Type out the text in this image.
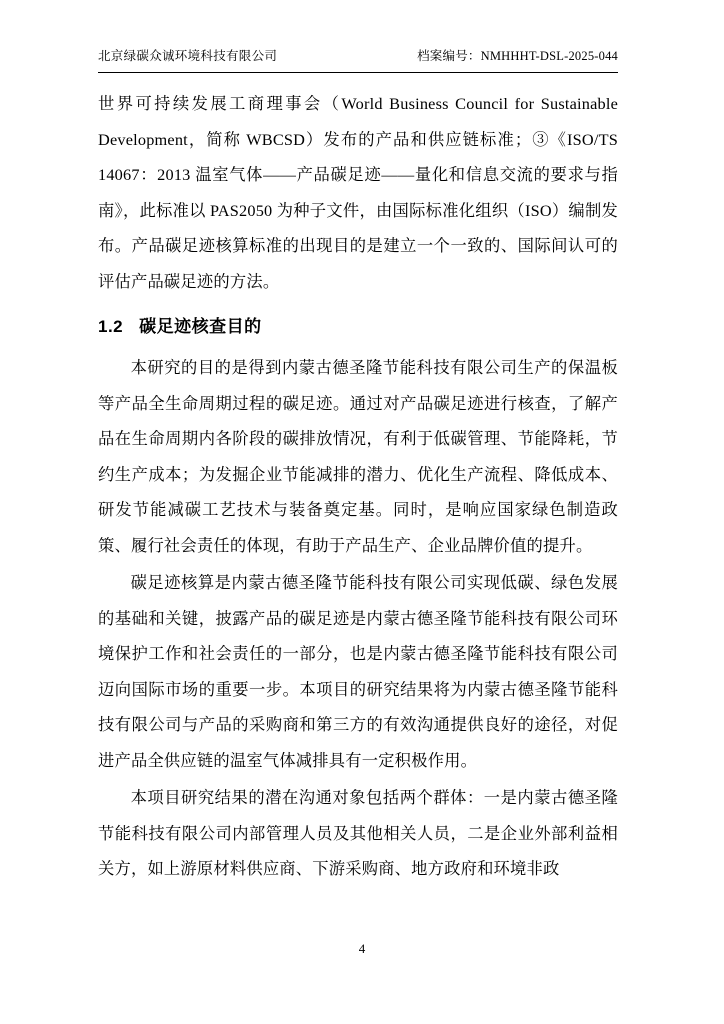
北京绿碳众诚环境科技有限公司	档案编号：NMHHHT-DSL-2025-044

世界可持续发展工商理事会（World Business Council for Sustainable Development，简称 WBCSD）发布的产品和供应链标准；③《ISO/TS 14067：2013 温室气体——产品碳足迹——量化和信息交流的要求与指南》，此标准以 PAS2050 为种子文件，由国际标准化组织（ISO）编制发布。产品碳足迹核算标准的出现目的是建立一个一致的、国际间认可的评估产品碳足迹的方法。

1.2 碳足迹核查目的

本研究的目的是得到内蒙古德圣隆节能科技有限公司生产的保温板等产品全生命周期过程的碳足迹。通过对产品碳足迹进行核查，了解产品在生命周期内各阶段的碳排放情况，有利于低碳管理、节能降耗，节约生产成本；为发掘企业节能减排的潜力、优化生产流程、降低成本、研发节能减碳工艺技术与装备奠定基。同时，是响应国家绿色制造政策、履行社会责任的体现，有助于产品生产、企业品牌价值的提升。

碳足迹核算是内蒙古德圣隆节能科技有限公司实现低碳、绿色发展的基础和关键，披露产品的碳足迹是内蒙古德圣隆节能科技有限公司环境保护工作和社会责任的一部分，也是内蒙古德圣隆节能科技有限公司迈向国际市场的重要一步。本项目的研究结果将为内蒙古德圣隆节能科技有限公司与产品的采购商和第三方的有效沟通提供良好的途径，对促进产品全供应链的温室气体减排具有一定积极作用。

本项目研究结果的潜在沟通对象包括两个群体：一是内蒙古德圣隆节能科技有限公司内部管理人员及其他相关人员，二是企业外部利益相关方，如上游原材料供应商、下游采购商、地方政府和环境非政

4
